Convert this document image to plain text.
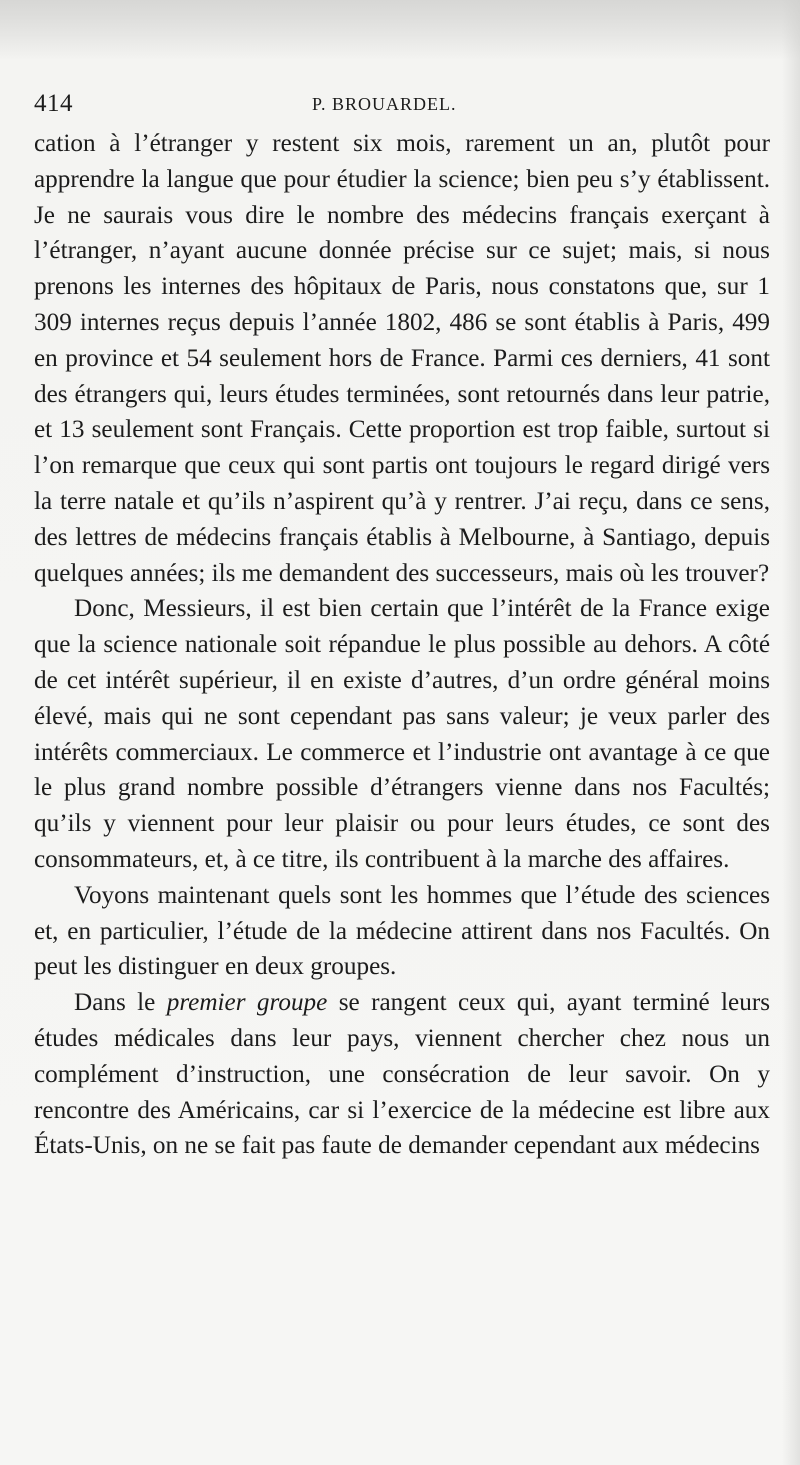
414	P. BROUARDEL.

cation à l’étranger y restent six mois, rarement un an, plutôt pour apprendre la langue que pour étudier la science; bien peu s’y établissent. Je ne saurais vous dire le nombre des médecins français exerçant à l’étranger, n’ayant aucune donnée précise sur ce sujet; mais, si nous prenons les internes des hôpitaux de Paris, nous constatons que, sur 1 309 internes reçus depuis l’année 1802, 486 se sont établis à Paris, 499 en province et 54 seulement hors de France. Parmi ces derniers, 41 sont des étrangers qui, leurs études terminées, sont retournés dans leur patrie, et 13 seulement sont Français. Cette proportion est trop faible, surtout si l’on remarque que ceux qui sont partis ont toujours le regard dirigé vers la terre natale et qu’ils n’aspirent qu’à y rentrer. J’ai reçu, dans ce sens, des lettres de médecins français établis à Melbourne, à Santiago, depuis quelques années; ils me demandent des successeurs, mais où les trouver?

Donc, Messieurs, il est bien certain que l’intérêt de la France exige que la science nationale soit répandue le plus possible au dehors. A côté de cet intérêt supérieur, il en existe d’autres, d’un ordre général moins élevé, mais qui ne sont cependant pas sans valeur; je veux parler des intérêts commerciaux. Le commerce et l’industrie ont avantage à ce que le plus grand nombre possible d’étrangers vienne dans nos Facultés; qu’ils y viennent pour leur plaisir ou pour leurs études, ce sont des consommateurs, et, à ce titre, ils contribuent à la marche des affaires.

Voyons maintenant quels sont les hommes que l’étude des sciences et, en particulier, l’étude de la médecine attirent dans nos Facultés. On peut les distinguer en deux groupes.

Dans le premier groupe se rangent ceux qui, ayant terminé leurs études médicales dans leur pays, viennent chercher chez nous un complément d’instruction, une consécration de leur savoir. On y rencontre des Américains, car si l’exercice de la médecine est libre aux États-Unis, on ne se fait pas faute de demander cependant aux médecins
